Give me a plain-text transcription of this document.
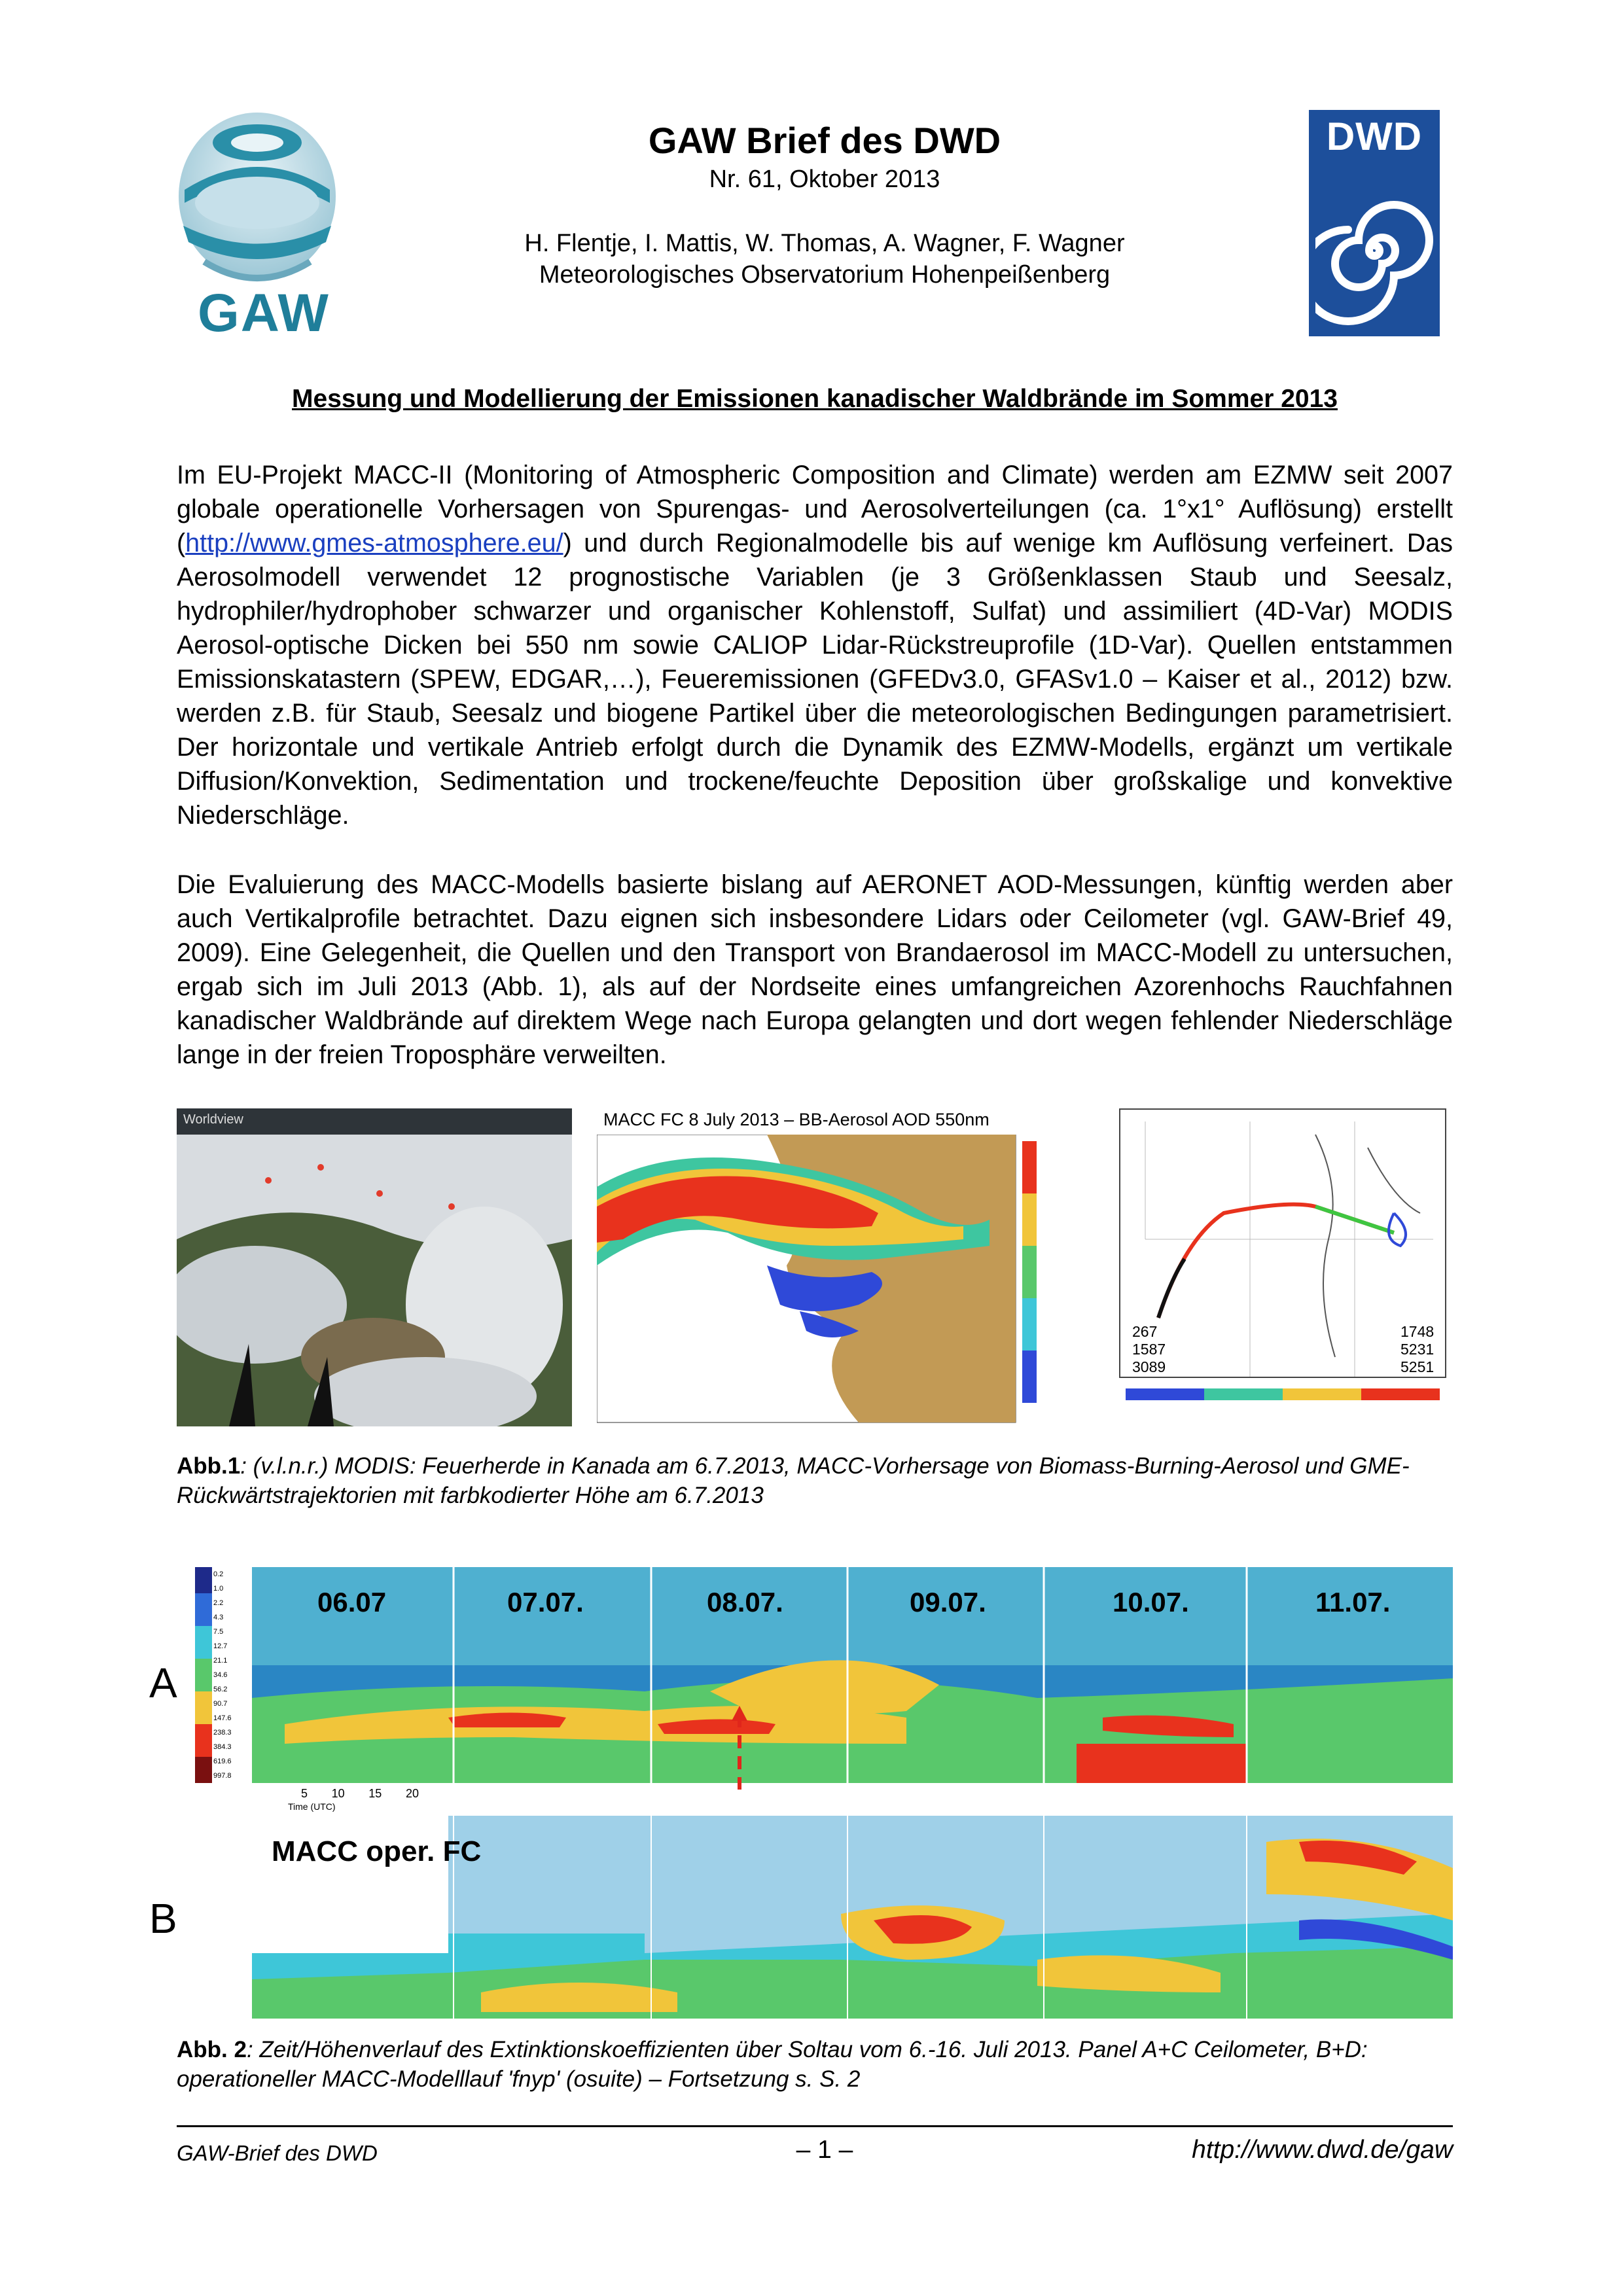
GAW
GAW Brief des DWD
Nr. 61, Oktober 2013
H. Flentje, I. Mattis, W. Thomas, A. Wagner, F. Wagner
Meteorologisches Observatorium Hohenpeißenberg
DWD
Messung und Modellierung der Emissionen kanadischer Waldbrände im Sommer 2013

Im EU-Projekt MACC-II (Monitoring of Atmospheric Composition and Climate) werden am EZMW seit 2007 globale operationelle Vorhersagen von Spurengas- und Aerosolverteilungen (ca. 1°x1° Auflösung) erstellt (http://www.gmes-atmosphere.eu/) und durch Regionalmodelle bis auf wenige km Auflösung verfeinert. Das Aerosolmodell verwendet 12 prognostische Variablen (je 3 Größenklassen Staub und Seesalz, hydrophiler/hydrophober schwarzer und organischer Kohlenstoff, Sulfat) und assimiliert (4D-Var) MODIS Aerosol-optische Dicken bei 550 nm sowie CALIOP Lidar-Rückstreuprofile (1D-Var). Quellen entstammen Emissionskatastern (SPEW, EDGAR,…), Feueremissionen (GFEDv3.0, GFASv1.0 – Kaiser et al., 2012) bzw. werden z.B. für Staub, Seesalz und biogene Partikel über die meteorologischen Bedingungen parametrisiert. Der horizontale und vertikale Antrieb erfolgt durch die Dynamik des EZMW-Modells, ergänzt um vertikale Diffusion/Konvektion, Sedimentation und trockene/feuchte Deposition über großskalige und konvektive Niederschläge.

Die Evaluierung des MACC-Modells basierte bislang auf AERONET AOD-Messungen, künftig werden aber auch Vertikalprofile betrachtet. Dazu eignen sich insbesondere Lidars oder Ceilometer (vgl. GAW-Brief 49, 2009). Eine Gelegenheit, die Quellen und den Transport von Brandaerosol im MACC-Modell zu untersuchen, ergab sich im Juli 2013 (Abb. 1), als auf der Nordseite eines umfangreichen Azorenhochs Rauchfahnen kanadischer Waldbrände auf direktem Wege nach Europa gelangten und dort wegen fehlender Niederschläge lange in der freien Troposphäre verweilten.
Worldview	MACC FC 8 July 2013 – BB-Aerosol AOD 550nm
267
1587
3089
1748
5231
5251
Abb.1: (v.l.n.r.) MODIS: Feuerherde in Kanada am 6.7.2013, MACC-Vorhersage von Biomass-Burning-Aerosol und GME-Rückwärtstrajektorien mit farbkodierter Höhe am 6.7.2013
A
B
0.2
1.0
2.2
4.3
7.5
12.7
21.1
34.6
56.2
90.7
147.6
238.3
384.3
619.6
997.8
06.07	07.07.	08.07.	09.07.	10.07.	11.07.
5 10 15 20
Time (UTC)
MACC oper. FC
Abb. 2: Zeit/Höhenverlauf des Extinktionskoeffizienten über Soltau vom 6.-16. Juli 2013. Panel A+C Ceilometer, B+D: operationeller MACC-Modelllauf 'fnyp' (osuite) – Fortsetzung s. S. 2
GAW-Brief des DWD	– 1 –	http://www.dwd.de/gaw
